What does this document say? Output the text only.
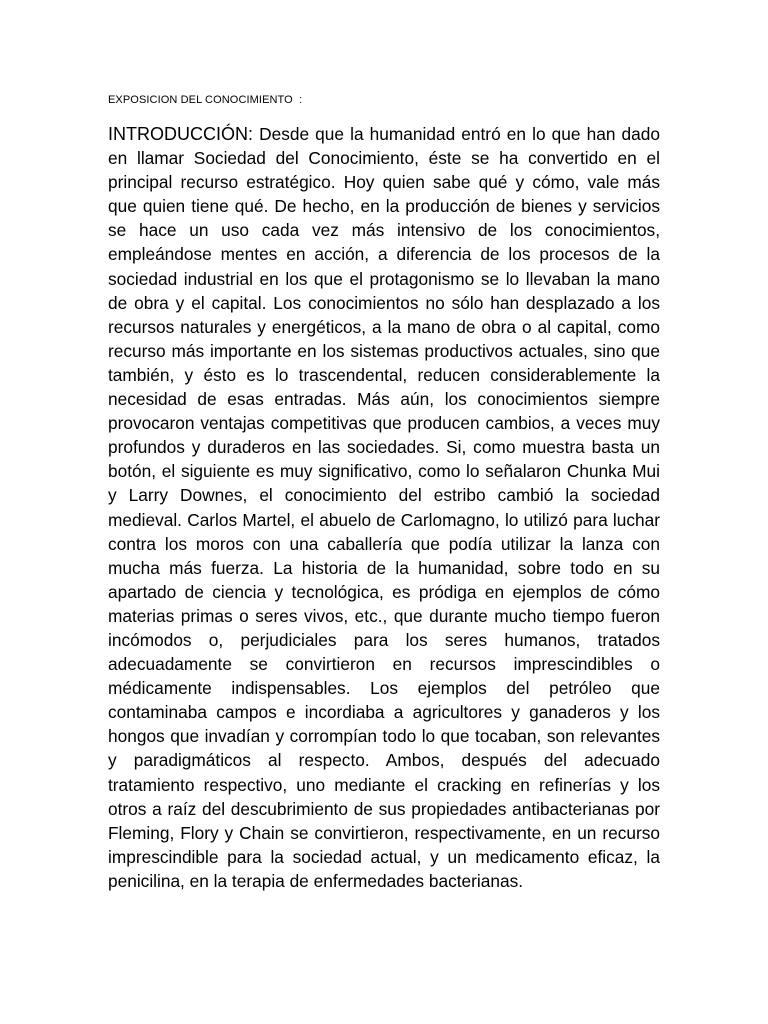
EXPOSICION DEL CONOCIMIENTO  :

INTRODUCCIÓN: Desde que la humanidad entró en lo que han dado en llamar Sociedad del Conocimiento, éste se ha convertido en el principal recurso estratégico. Hoy quien sabe qué y cómo, vale más que quien tiene qué. De hecho, en la producción de bienes y servicios se hace un uso cada vez más intensivo de los conocimientos, empleándose mentes en acción, a diferencia de los procesos de la sociedad industrial en los que el protagonismo se lo llevaban la mano de obra y el capital. Los conocimientos no sólo han desplazado a los recursos naturales y energéticos, a la mano de obra o al capital, como recurso más importante en los sistemas productivos actuales, sino que también, y ésto es lo trascendental, reducen considerablemente la necesidad de esas entradas. Más aún, los conocimientos siempre provocaron ventajas competitivas que producen cambios, a veces muy profundos y duraderos en las sociedades. Si, como muestra basta un botón, el siguiente es muy significativo, como lo señalaron Chunka Mui y Larry Downes, el conocimiento del estribo cambió la sociedad medieval. Carlos Martel, el abuelo de Carlomagno, lo utilizó para luchar contra los moros con una caballería que podía utilizar la lanza con mucha más fuerza. La historia de la humanidad, sobre todo en su apartado de ciencia y tecnológica, es pródiga en ejemplos de cómo materias primas o seres vivos, etc., que durante mucho tiempo fueron incómodos o, perjudiciales para los seres humanos, tratados adecuadamente se convirtieron en recursos imprescindibles o médicamente indispensables. Los ejemplos del petróleo que contaminaba campos e incordiaba a agricultores y ganaderos y los hongos que invadían y corrompían todo lo que tocaban, son relevantes y paradigmáticos al respecto. Ambos, después del adecuado tratamiento respectivo, uno mediante el cracking en refinerías y los otros a raíz del descubrimiento de sus propiedades antibacterianas por Fleming, Flory y Chain se convirtieron, respectivamente, en un recurso imprescindible para la sociedad actual, y un medicamento eficaz, la penicilina, en la terapia de enfermedades bacterianas.
